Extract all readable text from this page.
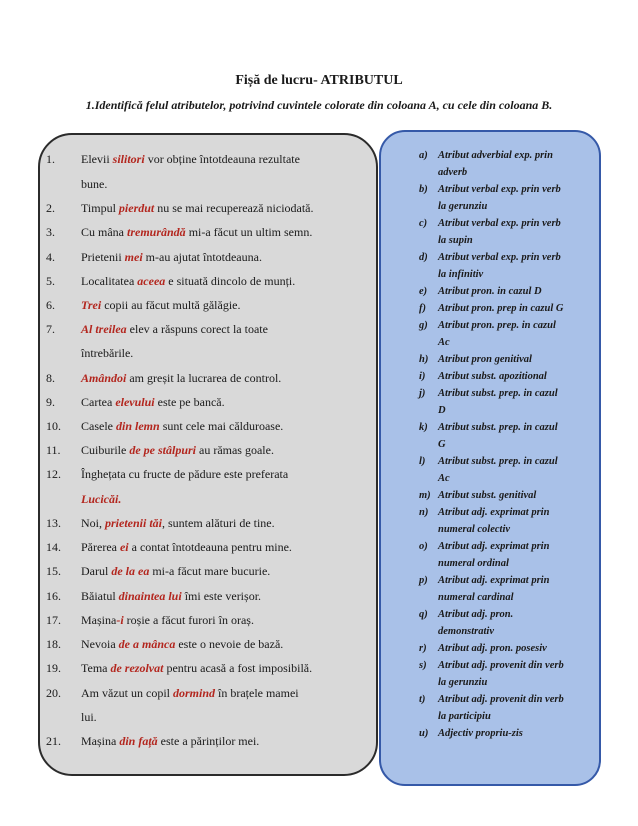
Fișă de lucru- ATRIBUTUL
1.Identifică felul atributelor, potrivind cuvintele colorate din coloana A, cu cele din coloana B.
1.	Elevii silitori vor obține întotdeauna rezultate
bune.
2.	Timpul pierdut nu se mai recuperează niciodată.
3.	Cu mâna tremurândă mi-a făcut un ultim semn.
4.	Prietenii mei m-au ajutat întotdeauna.
5.	Localitatea aceea e situată dincolo de munți.
6.	Trei copii au făcut multă gălăgie.
7.	Al treilea elev a răspuns corect la toate
întrebările.
8.	Amândoi am greșit la lucrarea de control.
9.	Cartea elevului este pe bancă.
10.	Casele din lemn sunt cele mai călduroase.
11.	Cuiburile de pe stâlpuri au rămas goale.
12.	Înghețata cu fructe de pădure este preferata
Lucicăi.
13.	Noi, prietenii tăi, suntem alături de tine.
14.	Părerea ei a contat întotdeauna pentru mine.
15.	Darul de la ea mi-a făcut mare bucurie.
16.	Băiatul dinaintea lui îmi este verișor.
17.	Mașina-i roșie a făcut furori în oraș.
18.	Nevoia de a mânca este o nevoie de bază.
19.	Tema de rezolvat pentru acasă a fost imposibilă.
20.	Am văzut un copil dormind în brațele mamei
lui.
21.	Mașina din față este a părinților mei.
a) Atribut adverbial exp. prin
adverb
b) Atribut verbal exp. prin verb
la gerunziu
c)	Atribut verbal exp. prin verb
la supin
d) Atribut verbal exp. prin verb
la infinitiv
e)	Atribut pron. in cazul D
f)	Atribut pron. prep in cazul G
g) Atribut pron. prep. in cazul
Ac
h) Atribut pron genitival
i)	Atribut subst. apozitional
j)	Atribut subst. prep. in cazul
D
k) Atribut subst. prep. in cazul
G
l)	Atribut subst. prep. in cazul
Ac
m) Atribut subst. genitival
n) Atribut adj. exprimat prin
numeral colectiv
o) Atribut adj. exprimat prin
numeral ordinal
p) Atribut adj. exprimat prin
numeral cardinal
q) Atribut adj. pron.
demonstrativ
r)	Atribut adj. pron. posesiv
s)	Atribut adj. provenit din verb
la gerunziu
t)	Atribut adj. provenit din verb
la participiu
u) Adjectiv propriu-zis
